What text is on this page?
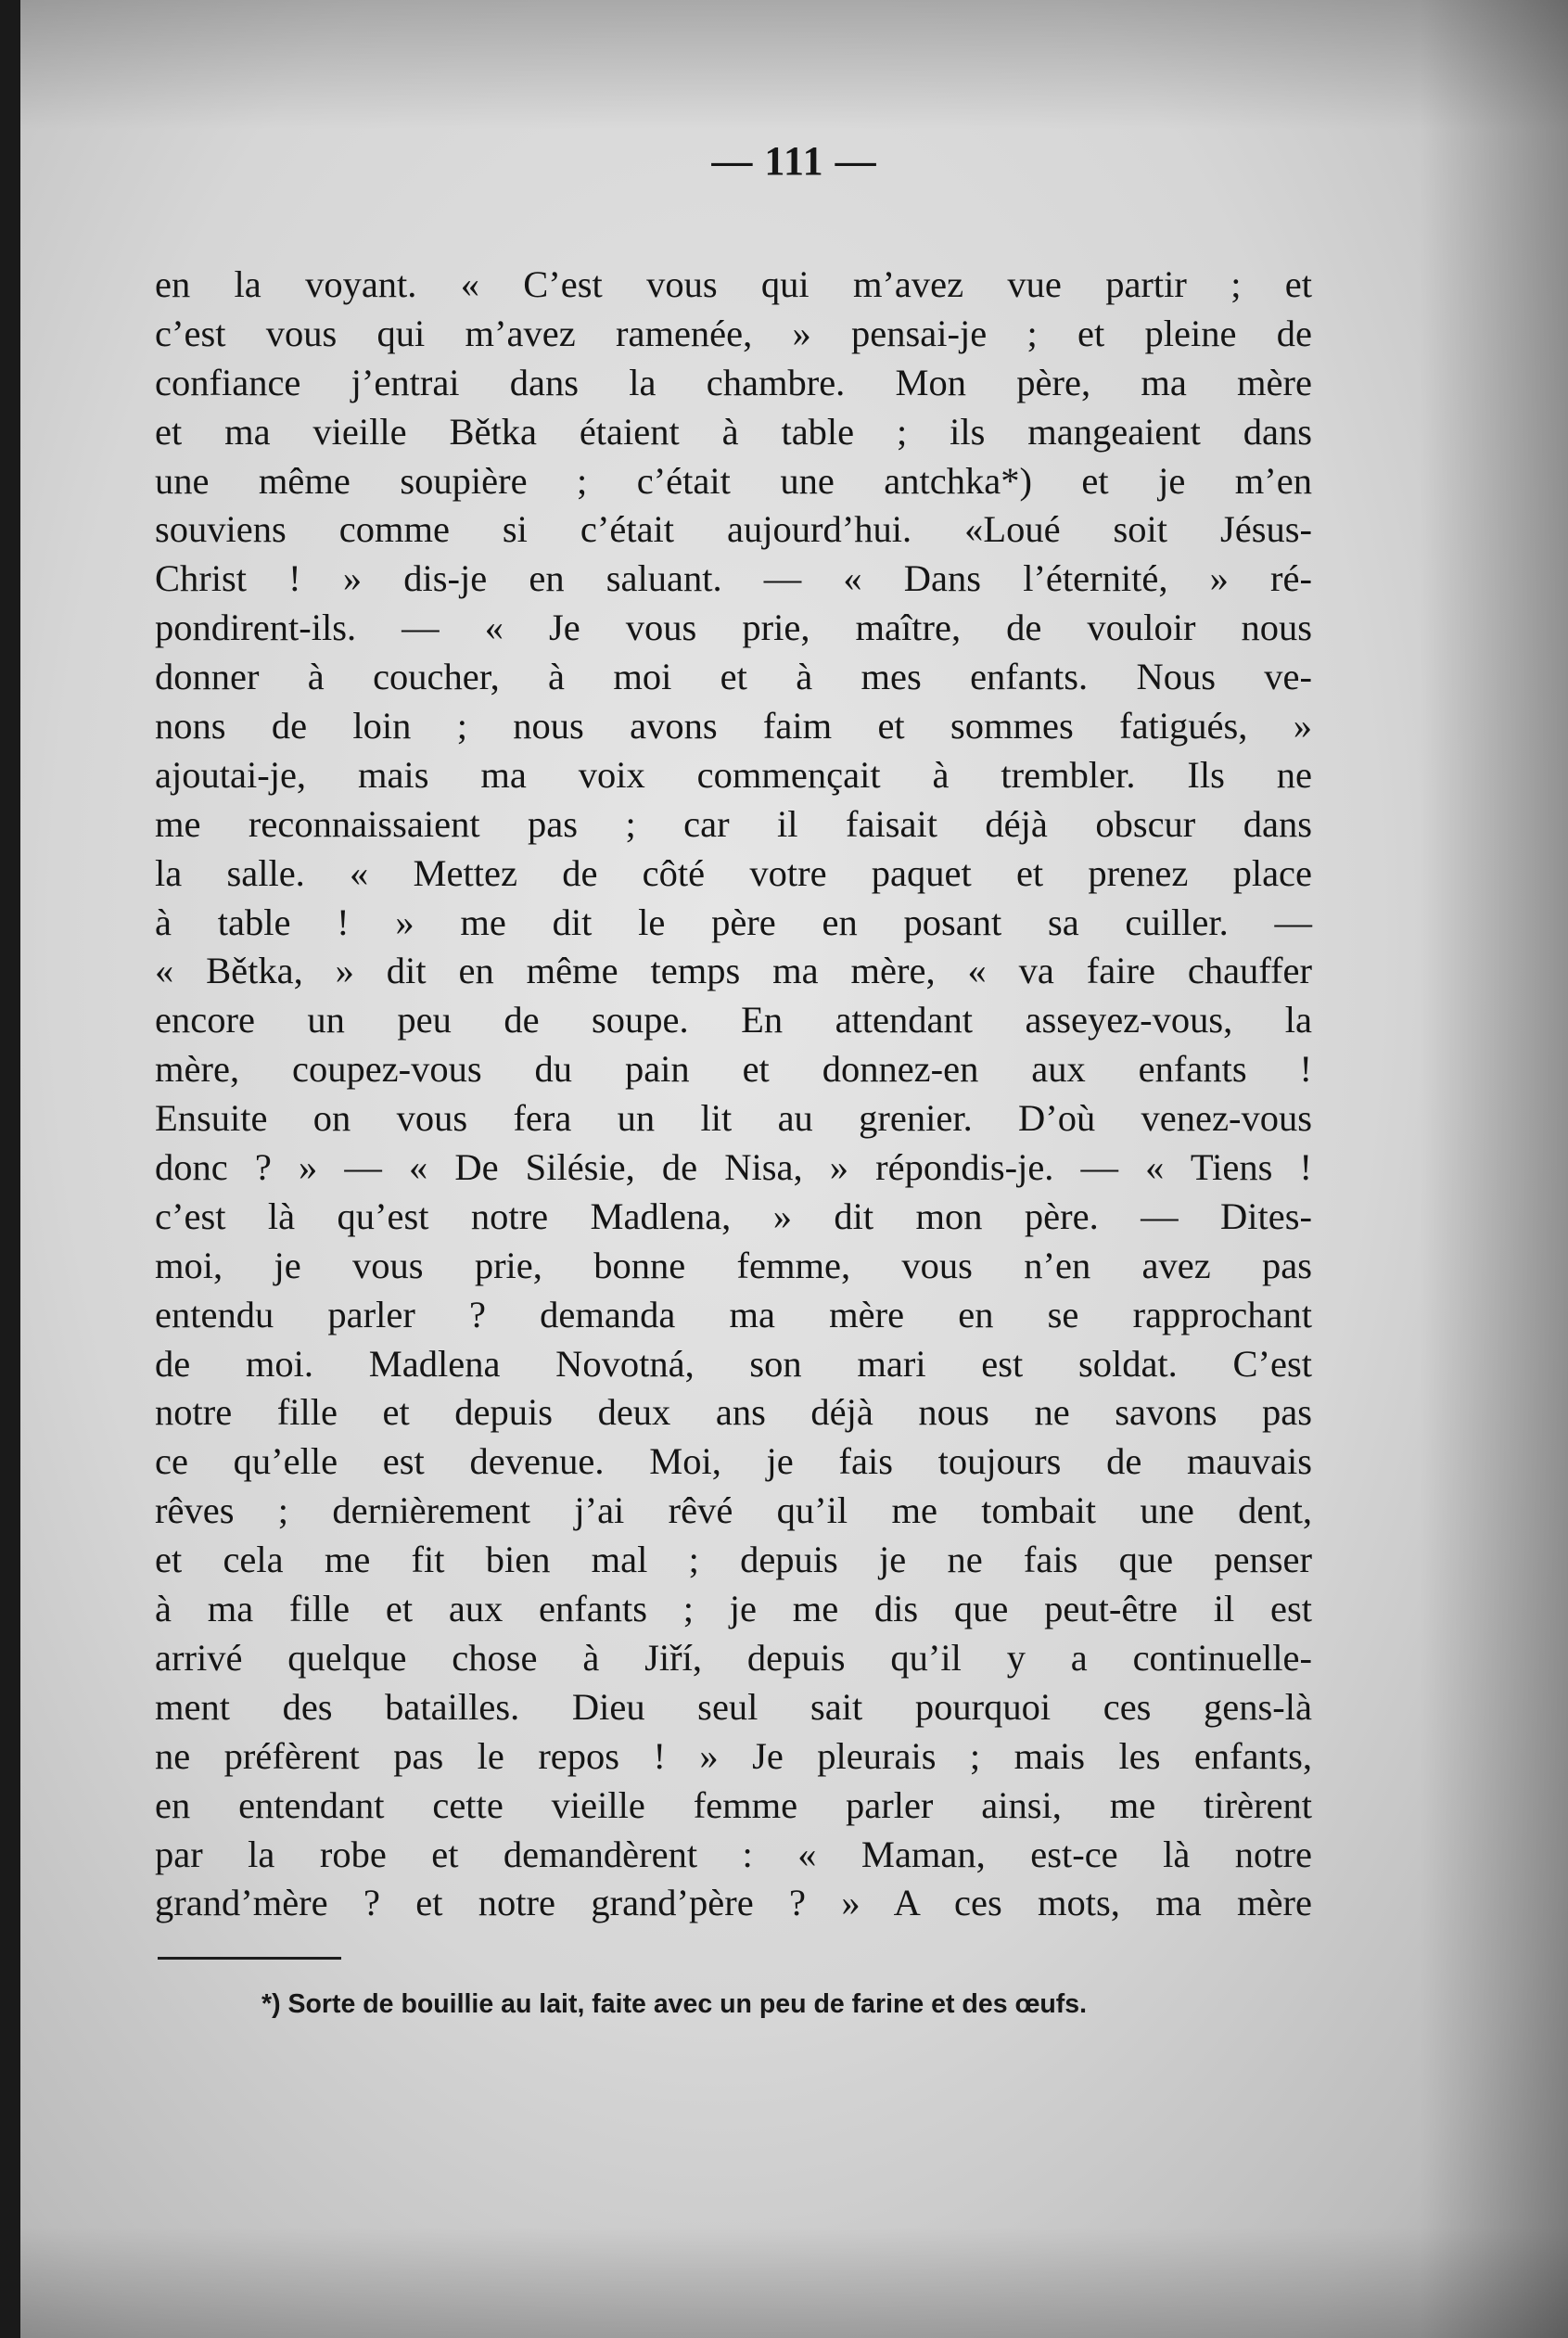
— 111 —
en la voyant. « C’est vous qui m’avez vue partir ; et
c’est vous qui m’avez ramenée, » pensai-je ; et pleine de
confiance j’entrai dans la chambre. Mon père, ma mère
et ma vieille Bětka étaient à table ; ils mangeaient dans
une même soupière ; c’était une antchka*) et je m’en
souviens comme si c’était aujourd’hui. «Loué soit Jésus-
Christ ! » dis-je en saluant. — « Dans l’éternité, » ré-
pondirent-ils. — « Je vous prie, maître, de vouloir nous
donner à coucher, à moi et à mes enfants. Nous ve-
nons de loin ; nous avons faim et sommes fatigués, »
ajoutai-je, mais ma voix commençait à trembler. Ils ne
me reconnaissaient pas ; car il faisait déjà obscur dans
la salle. « Mettez de côté votre paquet et prenez place
à table ! » me dit le père en posant sa cuiller. —
« Bětka, » dit en même temps ma mère, « va faire chauffer
encore un peu de soupe. En attendant asseyez-vous, la
mère, coupez-vous du pain et donnez-en aux enfants !
Ensuite on vous fera un lit au grenier. D’où venez-vous
donc ? » — « De Silésie, de Nisa, » répondis-je. — « Tiens !
c’est là qu’est notre Madlena, » dit mon père. — Dites-
moi, je vous prie, bonne femme, vous n’en avez pas
entendu parler ? demanda ma mère en se rapprochant
de moi. Madlena Novotná, son mari est soldat. C’est
notre fille et depuis deux ans déjà nous ne savons pas
ce qu’elle est devenue. Moi, je fais toujours de mauvais
rêves ; dernièrement j’ai rêvé qu’il me tombait une dent,
et cela me fit bien mal ; depuis je ne fais que penser
à ma fille et aux enfants ; je me dis que peut-être il est
arrivé quelque chose à Jiří, depuis qu’il y a continuelle-
ment des batailles. Dieu seul sait pourquoi ces gens-là
ne préfèrent pas le repos ! » Je pleurais ; mais les enfants,
en entendant cette vieille femme parler ainsi, me tirèrent
par la robe et demandèrent : « Maman, est-ce là notre
grand’mère ? et notre grand’père ? » A ces mots, ma mère
*) Sorte de bouillie au lait, faite avec un peu de farine et des œufs.
